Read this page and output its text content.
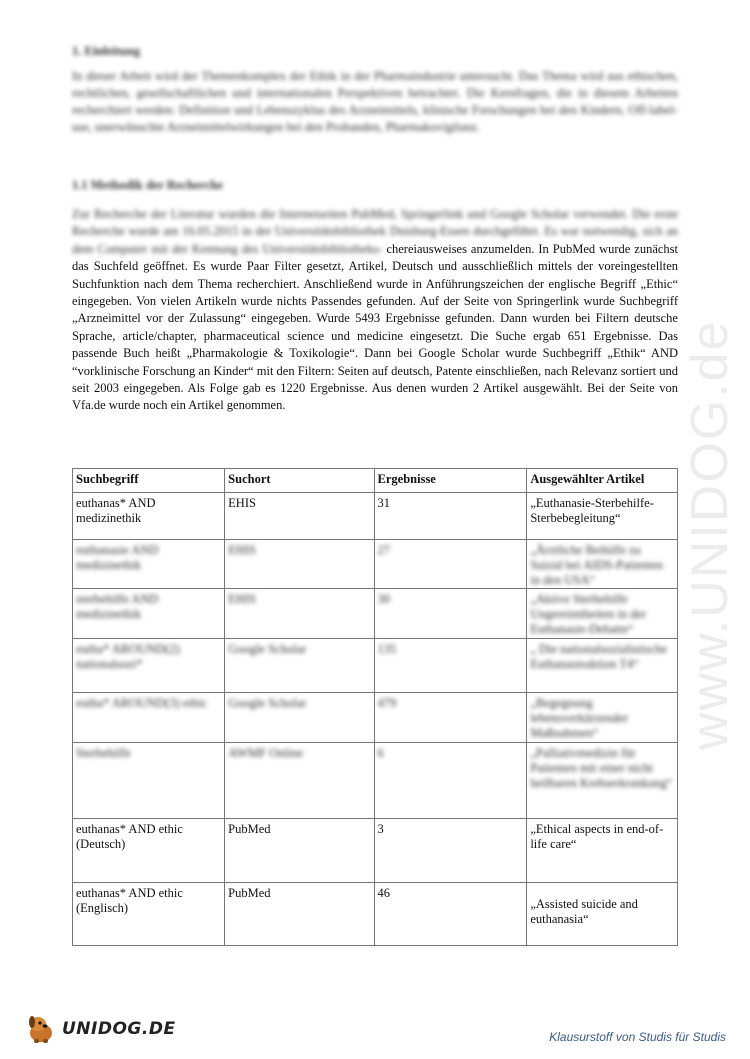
www.UNIDOG.de
1. Einleitung
In dieser Arbeit wird der Themenkomplex der Ethik in der Pharmaindustrie untersucht. Das Thema wird aus ethischen, rechtlichen, gesellschaftlichen und internationalen Perspektiven betrachtet. Die Kernfragen, die in diesem Arbeiten recherchiert werden: Definition und Lebenszyklus des Arzneimittels, klinische Forschungen bei den Kindern, Off-label-use, unerwünschte Arzneimittelwirkungen bei den Probanden, Pharmakovigilanz.
1.1 Methodik der Recherche
Zur Recherche der Literatur wurden die Internetseiten PubMed, Springerlink und Google Scholar verwendet. Die erste Recherche wurde am 16.05.2015 in der Universitätsbibliothek Duisburg-Essen durchgeführt. Es war notwendig, sich an dem Computer mit der Kennung des Universitätsbibliotheks- chereiausweises anzumelden. In PubMed wurde zunächst das Suchfeld geöffnet. Es wurde Paar Filter gesetzt, Artikel, Deutsch und ausschließlich mittels der voreingestellten Suchfunktion nach dem Thema recherchiert. Anschließend wurde in Anführungszeichen der englische Begriff „Ethic“ eingegeben. Von vielen Artikeln wurde nichts Passendes gefunden. Auf der Seite von Springerlink wurde Suchbegriff „Arzneimittel vor der Zulassung“ eingegeben. Wurde 5493 Ergebnisse gefunden. Dann wurden bei Filtern deutsche Sprache, article/chapter, pharmaceutical science und medicine eingesetzt. Die Suche ergab 651 Ergebnisse. Das passende Buch heißt „Pharmakologie & Toxikologie“. Dann bei Google Scholar wurde Suchbegriff „Ethik“ AND “vorklinische Forschung an Kinder“ mit den Filtern: Seiten auf deutsch, Patente einschließen, nach Relevanz sortiert und seit 2003 eingegeben. Als Folge gab es 1220 Ergebnisse. Aus denen wurden 2 Artikel ausgewählt. Bei der Seite von Vfa.de wurde noch ein Artikel genommen.
Suchbegriff	Suchort	Ergebnisse	Ausgewählter Artikel
euthanas* AND medizinethik	EHIS	31	„Euthanasie-Sterbehilfe-Sterbebegleitung“
euthanasie AND medizinethik	EHIS	27	„Ärztliche Beihilfe zu Suizid bei AIDS-Patienten in den USA“
sterbehilfe AND medizinethik	EHIS	30	„Aktive Sterbehilfe Ungereimtheiten in der Euthanasie-Debatte“
eutha* AROUND(2) nationalsozi*	Google Scholar	135	„ Die nationalsozialistische Euthanasieaktion T4“
eutha* AROUND(3) ethic	Google Scholar	479	„Begegnung lebensverkürzender Maßnahmen“
Sterbehilfe	AWMF Online	6	„Palliativmedizin für Patienten mit einer nicht heilbaren Krebserkrankung“
euthanas* AND ethic (Deutsch)	PubMed	3	„Ethical aspects in end-of-life care“
euthanas* AND ethic (Englisch)	PubMed	46	„Assisted suicide and euthanasia“
UNIDOG.DE	Klausurstoff von Studis für Studis
